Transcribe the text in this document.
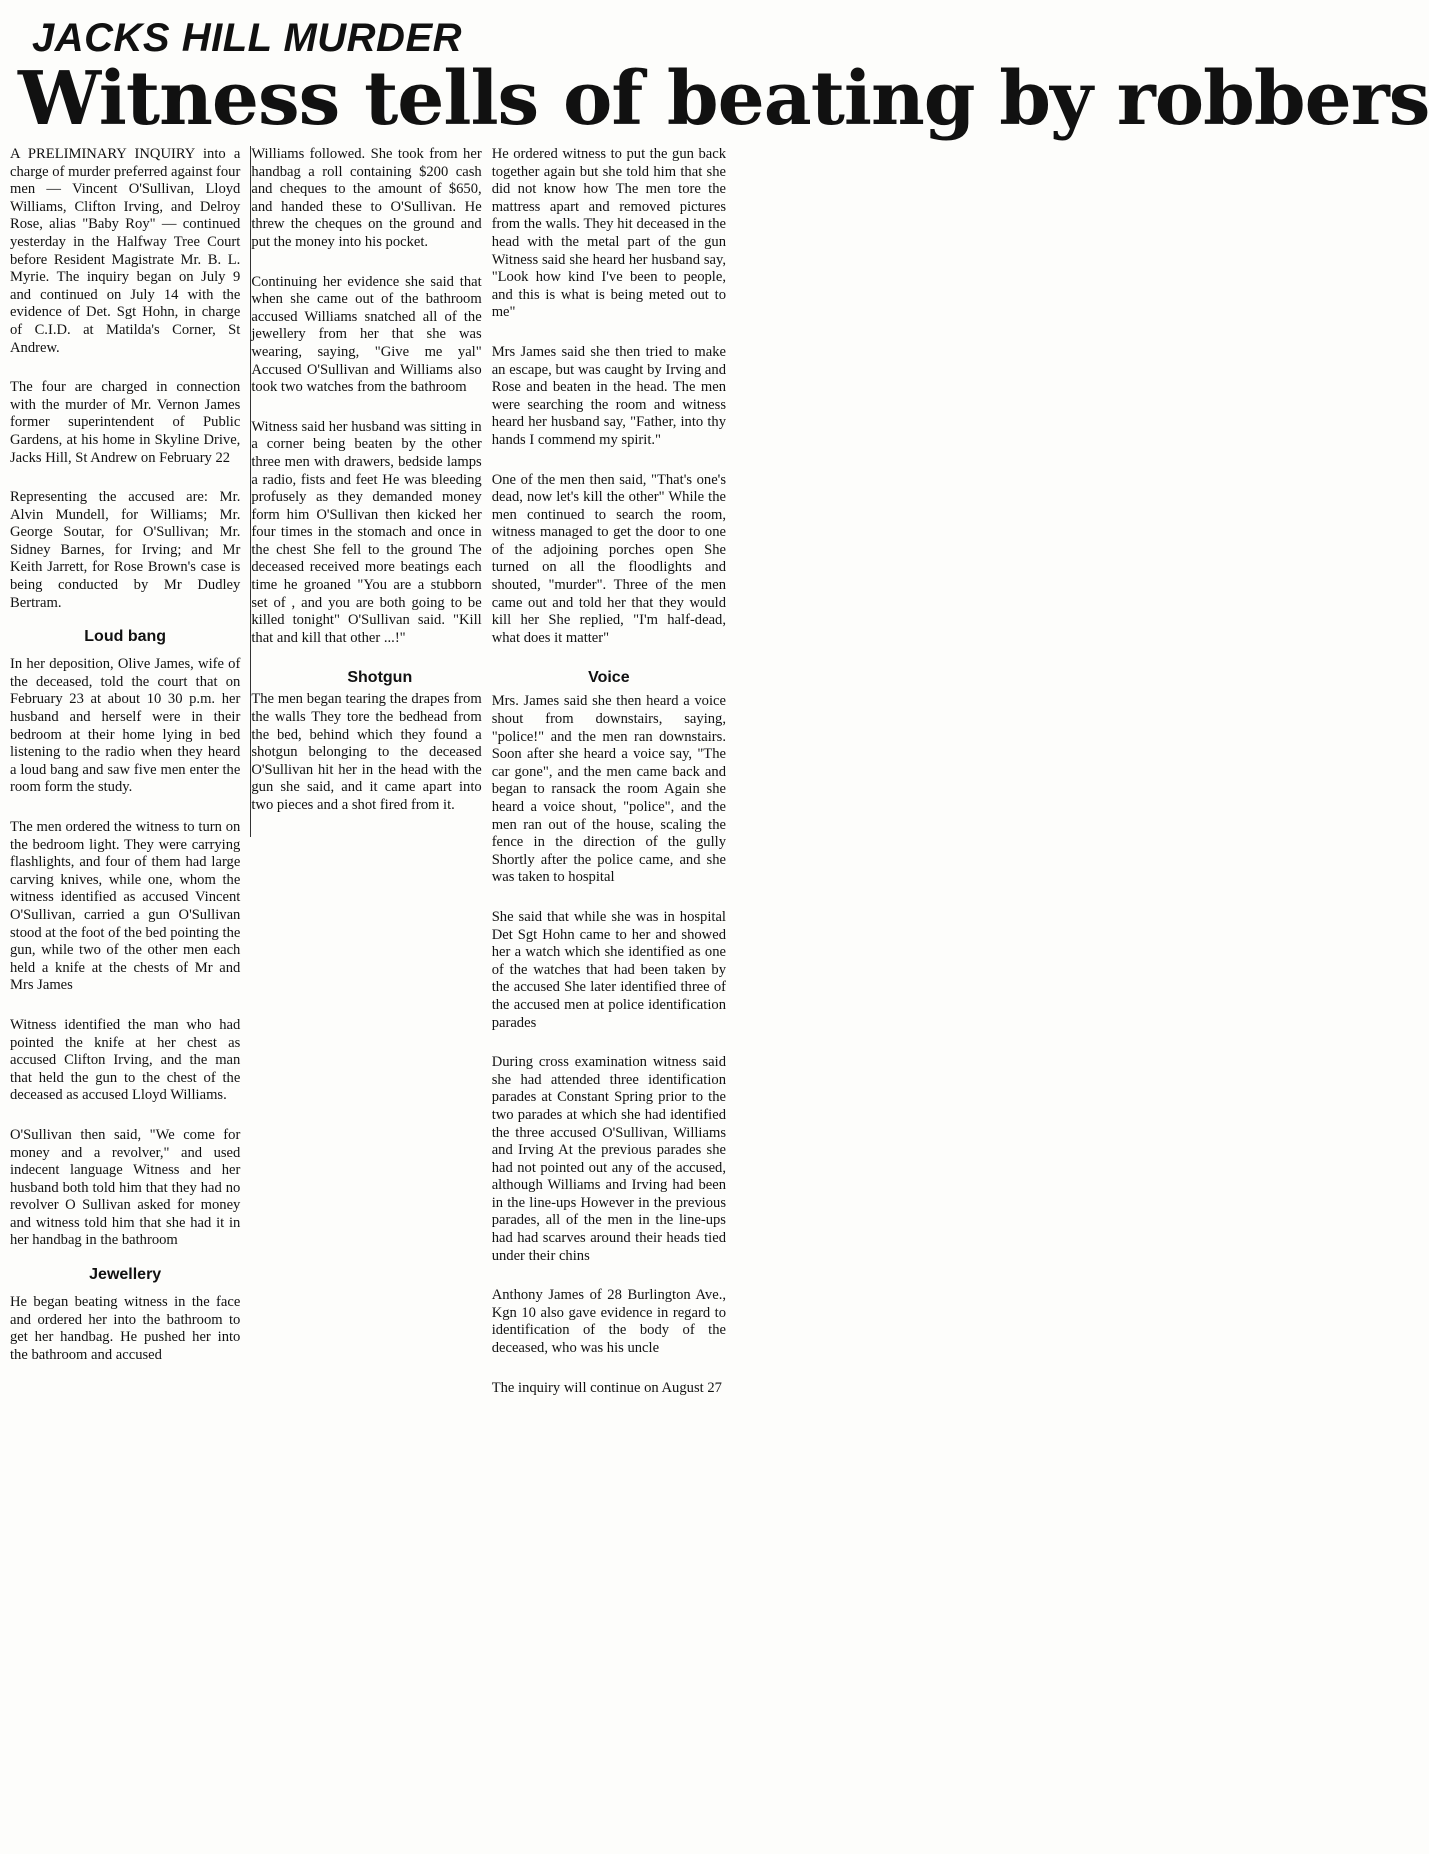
JACKS HILL MURDER
Witness tells of beating by robbers

A PRELIMINARY INQUIRY into a charge of murder preferred against four men — Vincent O'Sullivan, Lloyd Williams, Clifton Irving, and Delroy Rose, alias "Baby Roy" — continued yesterday in the Halfway Tree Court before Resident Magistrate Mr. B. L. Myrie. The inquiry began on July 9 and continued on July 14 with the evidence of Det. Sgt Hohn, in charge of C.I.D. at Matilda's Corner, St Andrew.

The four are charged in connection with the murder of Mr. Vernon James former superintendent of Public Gardens, at his home in Skyline Drive, Jacks Hill, St Andrew on February 22

Representing the accused are: Mr. Alvin Mundell, for Williams; Mr. George Soutar, for O'Sullivan; Mr. Sidney Barnes, for Irving; and Mr Keith Jarrett, for Rose Brown's case is being conducted by Mr Dudley Bertram.

Loud bang

In her deposition, Olive James, wife of the deceased, told the court that on February 23 at about 10 30 p.m. her husband and herself were in their bedroom at their home lying in bed listening to the radio when they heard a loud bang and saw five men enter the room form the study.

The men ordered the witness to turn on the bedroom light. They were carrying flashlights, and four of them had large carving knives, while one, whom the witness identified as accused Vincent O'Sullivan, carried a gun O'Sullivan stood at the foot of the bed pointing the gun, while two of the other men each held a knife at the chests of Mr and Mrs James

Witness identified the man who had pointed the knife at her chest as accused Clifton Irving, and the man that held the gun to the chest of the deceased as accused Lloyd Williams.

O'Sullivan then said, "We come for money and a revolver," and used indecent language Witness and her husband both told him that they had no revolver O Sullivan asked for money and witness told him that she had it in her handbag in the bathroom

Jewellery

He began beating witness in the face and ordered her into the bathroom to get her handbag. He pushed her into the bathroom and accused

Williams followed. She took from her handbag a roll containing $200 cash and cheques to the amount of $650, and handed these to O'Sullivan. He threw the cheques on the ground and put the money into his pocket.

Continuing her evidence she said that when she came out of the bathroom accused Williams snatched all of the jewellery from her that she was wearing, saying, "Give me yal" Accused O'Sullivan and Williams also took two watches from the bathroom

Witness said her husband was sitting in a corner being beaten by the other three men with drawers, bedside lamps a radio, fists and feet He was bleeding profusely as they demanded money form him O'Sullivan then kicked her four times in the stomach and once in the chest She fell to the ground The deceased received more beatings each time he groaned "You are a stubborn set of , and you are both going to be killed tonight" O'Sullivan said. "Kill that and kill that other ...!"

Shotgun

The men began tearing the drapes from the walls They tore the bedhead from the bed, behind which they found a shotgun belonging to the deceased O'Sullivan hit her in the head with the gun she said, and it came apart into two pieces and a shot fired from it.

He ordered witness to put the gun back together again but she told him that she did not know how The men tore the mattress apart and removed pictures from the walls. They hit deceased in the head with the metal part of the gun Witness said she heard her husband say, "Look how kind I've been to people, and this is what is being meted out to me"

Mrs James said she then tried to make an escape, but was caught by Irving and Rose and beaten in the head. The men were searching the room and witness heard her husband say, "Father, into thy hands I commend my spirit."

One of the men then said, "That's one's dead, now let's kill the other" While the men continued to search the room, witness managed to get the door to one of the adjoining porches open She turned on all the floodlights and shouted, "murder". Three of the men came out and told her that they would kill her She replied, "I'm half-dead, what does it matter"

Voice

Mrs. James said she then heard a voice shout from downstairs, saying, "police!" and the men ran downstairs. Soon after she heard a voice say, "The car gone", and the men came back and began to ransack the room Again she heard a voice shout, "police", and the men ran out of the house, scaling the fence in the direction of the gully Shortly after the police came, and she was taken to hospital

She said that while she was in hospital Det Sgt Hohn came to her and showed her a watch which she identified as one of the watches that had been taken by the accused She later identified three of the accused men at police identification parades

During cross examination witness said she had attended three identification parades at Constant Spring prior to the two parades at which she had identified the three accused O'Sullivan, Williams and Irving At the previous parades she had not pointed out any of the accused, although Williams and Irving had been in the line-ups However in the previous parades, all of the men in the line-ups had had scarves around their heads tied under their chins

Anthony James of 28 Burlington Ave., Kgn 10 also gave evidence in regard to identification of the body of the deceased, who was his uncle

The inquiry will continue on August 27
